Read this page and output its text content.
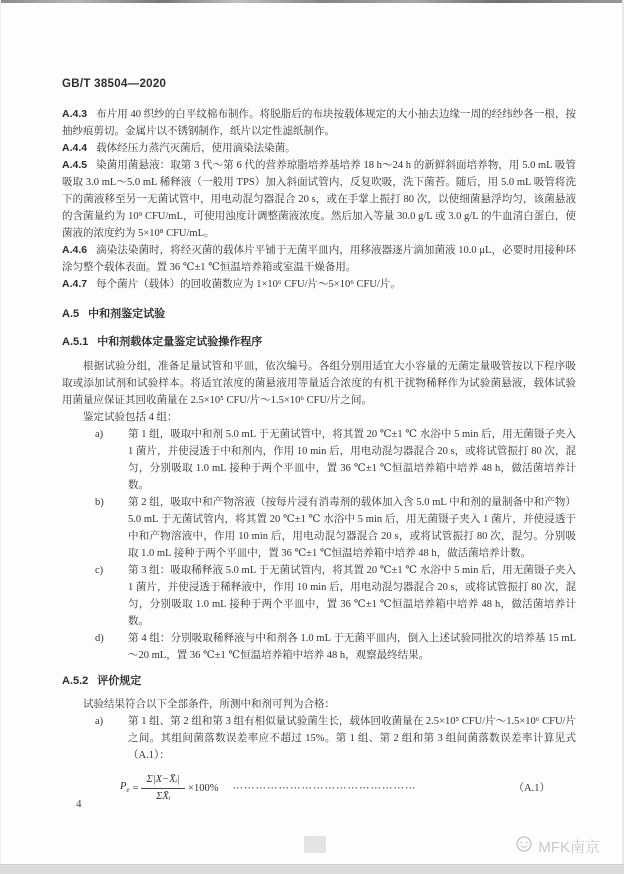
GB/T 38504—2020

A.4.3 布片用 40 织纱的白平纹棉布制作。将脱脂后的布块按载体规定的大小抽去边缘一周的经纬纱各一根，按抽纱痕剪切。金属片以不锈钢制作，纸片以定性滤纸制作。

A.4.4 载体经压力蒸汽灭菌后，使用滴染法染菌。

A.4.5 染菌用菌悬液：取第 3 代～第 6 代的营养琼脂培养基培养 18 h～24 h 的新鲜斜面培养物，用 5.0 mL 吸管吸取 3.0 mL～5.0 mL 稀释液（一般用 TPS）加入斜面试管内，反复吹吸，洗下菌苔。随后，用 5.0 mL 吸管将洗下的菌液移至另一无菌试管中，用电动混匀器混合 20 s，或在手掌上振打 80 次，以使细菌悬浮均匀，该菌悬液的含菌量约为 10⁹ CFU/mL，可使用浊度计调整菌液浓度。然后加入等量 30.0 g/L 或 3.0 g/L 的牛血清白蛋白，使菌液的浓度约为 5×10⁸ CFU/mL。

A.4.6 滴染法染菌时，将经灭菌的载体片平铺于无菌平皿内，用移液器逐片滴加菌液 10.0 μL，必要时用接种环涂匀整个载体表面。置 36 ℃±1 ℃恒温培养箱或室温干燥备用。

A.4.7 每个菌片（载体）的回收菌数应为 1×10⁶ CFU/片～5×10⁶ CFU/片。

A.5 中和剂鉴定试验

A.5.1 中和剂载体定量鉴定试验操作程序

根据试验分组，准备足量试管和平皿，依次编号。各组分别用适宜大小容量的无菌定量吸管按以下程序吸取或添加试剂和试验样本。将适宜浓度的菌悬液用等量适合浓度的有机干扰物稀释作为试验菌悬液，载体试验用菌量应保证其回收菌量在 2.5×10⁵ CFU/片～1.5×10⁶ CFU/片之间。

鉴定试验包括 4 组：

a) 第 1 组，吸取中和剂 5.0 mL 于无菌试管中，将其置 20 ℃±1 ℃ 水浴中 5 min 后，用无菌镊子夹入 1 菌片，并使浸透于中和剂内，作用 10 min 后，用电动混匀器混合 20 s，或将试管振打 80 次，混匀，分别吸取 1.0 mL 接种于两个平皿中，置 36 ℃±1 ℃恒温培养箱中培养 48 h，做活菌培养计数。

b) 第 2 组，吸取中和产物溶液（按每片浸有消毒剂的载体加入含 5.0 mL 中和剂的量制备中和产物）5.0 mL 于无菌试管内，将其置 20 ℃±1 ℃ 水浴中 5 min 后，用无菌镊子夹入 1 菌片，并使浸透于中和产物溶液中，作用 10 min 后，用电动混匀器混合 20 s，或将试管振打 80 次，混匀。分别吸取 1.0 mL 接种于两个平皿中，置 36 ℃±1 ℃恒温培养箱中培养 48 h，做活菌培养计数。

c) 第 3 组：吸取稀释液 5.0 mL 于无菌试管内，将其置 20 ℃±1 ℃ 水浴中 5 min 后，用无菌镊子夹入 1 菌片，并使浸透于稀释液中，作用 10 min 后，用电动混匀器混合 20 s，或将试管振打 80 次，混匀，分别吸取 1.0 mL 接种于两个平皿中，置 36 ℃±1 ℃恒温培养箱中培养 48 h，做活菌培养计数。

d) 第 4 组：分别吸取稀释液与中和剂各 1.0 mL 于无菌平皿内，倒入上述试验同批次的培养基 15 mL～20 mL，置 36 ℃±1 ℃恒温培养箱中培养 48 h，观察最终结果。

A.5.2 评价规定

试验结果符合以下全部条件，所测中和剂可判为合格：

a) 第 1 组、第 2 组和第 3 组有相似量试验菌生长，载体回收菌量在 2.5×10⁵ CFU/片～1.5×10⁶ CFU/片之间。其组间菌落数误差率应不超过 15%。第 1 组、第 2 组和第 3 组间菌落数误差率计算见式（A.1）：

$P_e = \frac{\text{Σ|X−X̄ᵢ|}}{\text{ΣX̄ᵢ}} \times 100\%$ ⋯⋯⋯⋯⋯⋯⋯⋯⋯⋯⋯⋯⋯⋯⋯⋯	（A.1）
4
MFK南京
